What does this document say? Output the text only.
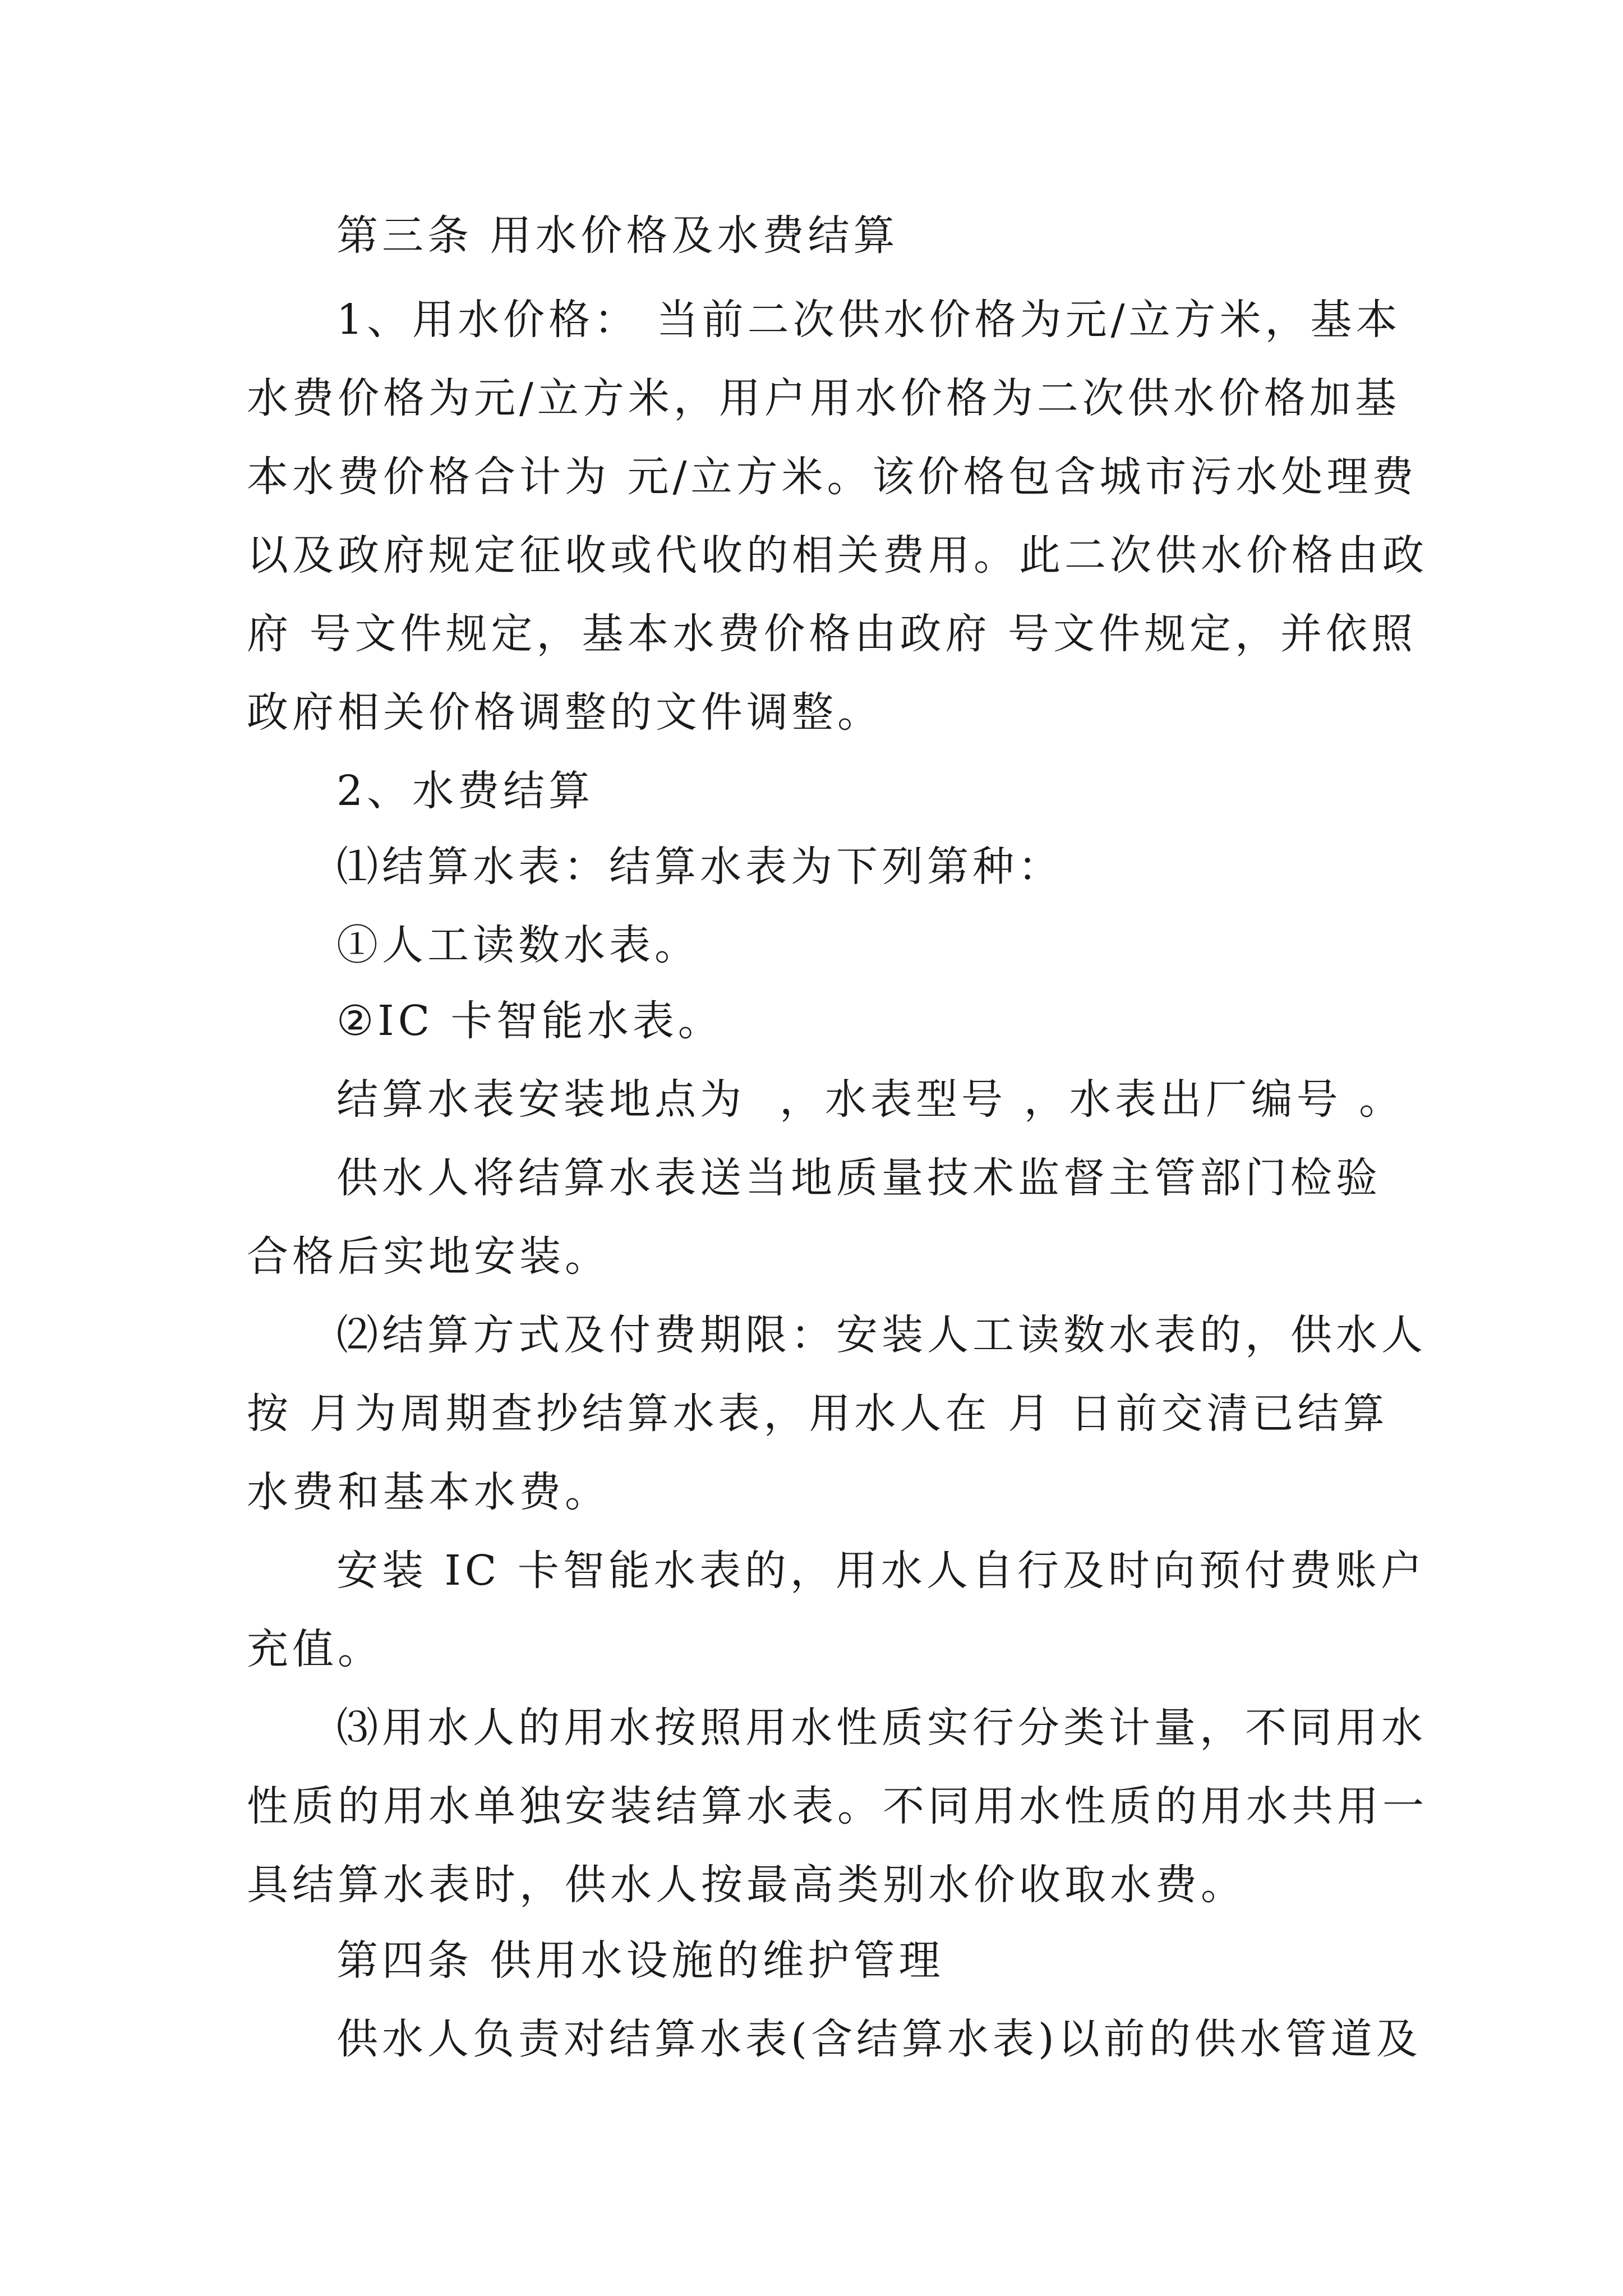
第三条 用水价格及水费结算

1、用水价格： 当前二次供水价格为元/立方米，基本

水费价格为元/立方米，用户用水价格为二次供水价格加基

本水费价格合计为 元/立方米。该价格包含城市污水处理费

以及政府规定征收或代收的相关费用。此二次供水价格由政

府 号文件规定，基本水费价格由政府 号文件规定，并依照

政府相关价格调整的文件调整。

2、水费结算

⑴结算水表：结算水表为下列第种：

①人工读数水表。

②IC 卡智能水表。

结算水表安装地点为  ，水表型号 ，水表出厂编号 。

供水人将结算水表送当地质量技术监督主管部门检验

合格后实地安装。

⑵结算方式及付费期限：安装人工读数水表的，供水人

按 月为周期查抄结算水表，用水人在 月 日前交清已结算

水费和基本水费。

安装 IC 卡智能水表的，用水人自行及时向预付费账户

充值。

⑶用水人的用水按照用水性质实行分类计量，不同用水

性质的用水单独安装结算水表。不同用水性质的用水共用一

具结算水表时，供水人按最高类别水价收取水费。

第四条 供用水设施的维护管理

供水人负责对结算水表(含结算水表)以前的供水管道及
